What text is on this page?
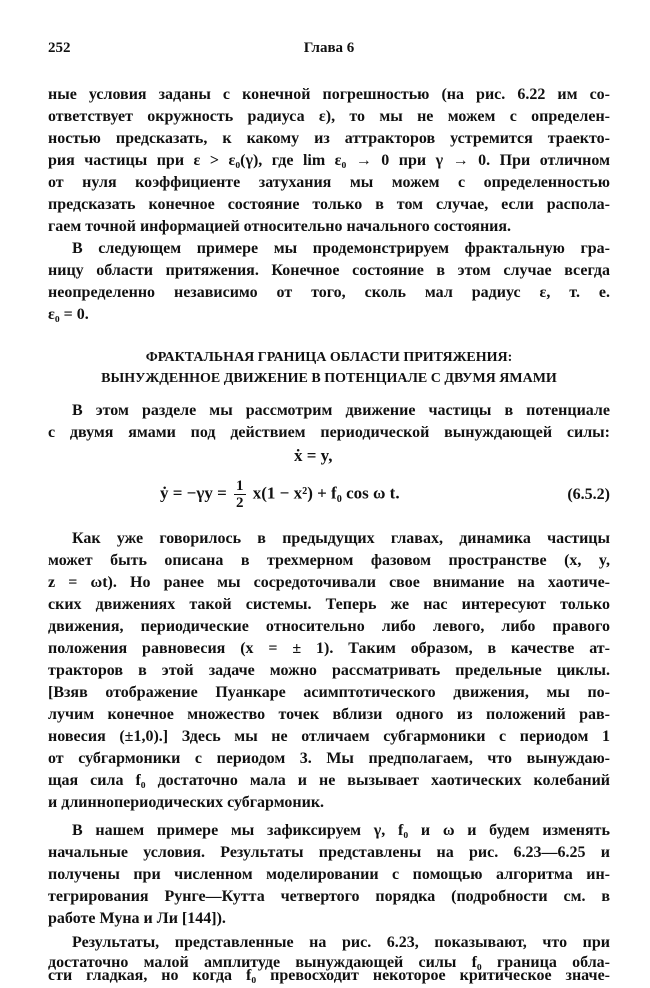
252	Глава 6
ные условия заданы с конечной погрешностью (на рис. 6.22 им со-
ответствует окружность радиуса ε), то мы не можем с определен-
ностью предсказать, к какому из аттракторов устремится траекто-
рия частицы при ε > ε₀(γ), где lim ε₀ → 0 при γ → 0. При отличном
от нуля коэффициенте затухания мы можем с определенностью
предсказать конечное состояние только в том случае, если распола-
гаем точной информацией относительно начального состояния.
В следующем примере мы продемонстрируем фрактальную гра-
ницу области притяжения. Конечное состояние в этом случае всегда
неопределенно независимо от того, сколь мал радиус ε, т. е.
ε₀ = 0.
ФРАКТАЛЬНАЯ ГРАНИЦА ОБЛАСТИ ПРИТЯЖЕНИЯ:
ВЫНУЖДЕННОЕ ДВИЖЕНИЕ В ПОТЕНЦИАЛЕ С ДВУМЯ ЯМАМИ
В этом разделе мы рассмотрим движение частицы в потенциале
с двумя ямами под действием периодической вынуждающей силы:
ẋ = y,
ẏ = $-\gamma y = \frac{1}{2} x(1 - x^2) + f_0$ cos ω t.	(6.5.2)
Как уже говорилось в предыдущих главах, динамика частицы
может быть описана в трехмерном фазовом пространстве (x, y,
z = ωt). Но ранее мы сосредоточивали свое внимание на хаотиче-
ских движениях такой системы. Теперь же нас интересуют только
движения, периодические относительно либо левого, либо правого
положения равновесия (x = ± 1). Таким образом, в качестве ат-
тракторов в этой задаче можно рассматривать предельные циклы.
[Взяв отображение Пуанкаре асимптотического движения, мы по-
лучим конечное множество точек вблизи одного из положений рав-
новесия (±1,0).] Здесь мы не отличаем субгармоники с периодом 1
от субгармоники с периодом 3. Мы предполагаем, что вынуждаю-
щая сила f₀ достаточно мала и не вызывает хаотических колебаний
и длиннопериодических субгармоник.
В нашем примере мы зафиксируем γ, f₀ и ω и будем изменять
начальные условия. Результаты представлены на рис. 6.23—6.25 и
получены при численном моделировании с помощью алгоритма ин-
тегрирования Рунге—Кутта четвертого порядка (подробности см. в
работе Муна и Ли [144]).
Результаты, представленные на рис. 6.23, показывают, что при
достаточно малой амплитуде вынуждающей силы f₀ граница обла-
сти гладкая, но когда f₀ превосходит некоторое критическое значе-
